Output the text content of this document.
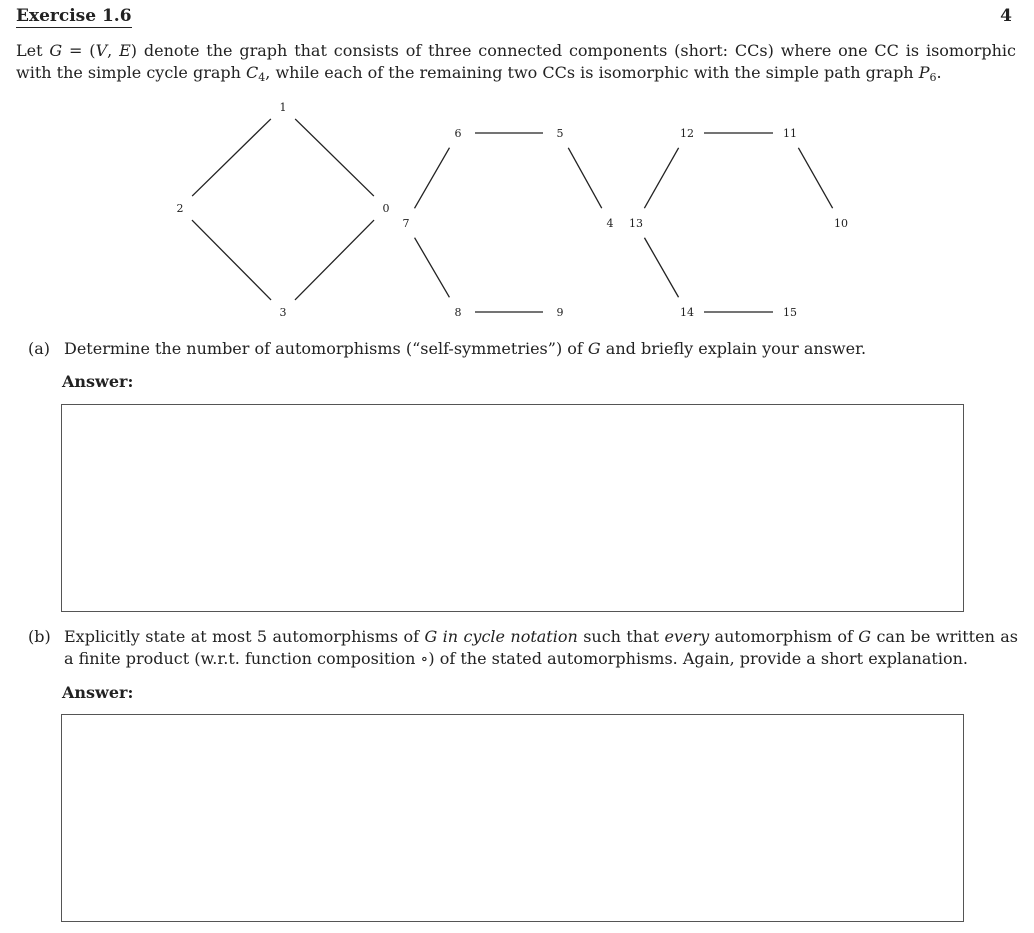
Exercise 1.6	4
Let G = (V, E) denote the graph that consists of three connected components (short: CCs) where one CC is isomorphic with the simple cycle graph $C_4$, while each of the remaining two CCs is isomorphic with the simple path graph $P_6$.
0
1
2
3
4
5
6
7
8	9
10
11
12
13
14	15
(a) Determine the number of automorphisms (“self-symmetries”) of G and briefly explain your answer.
Answer:
(b) Explicitly state at most 5 automorphisms of G in cycle notation such that every automorphism of G can be written as a finite product (w.r.t. function composition ∘) of the stated automorphisms. Again, provide a short explanation.
Answer:
